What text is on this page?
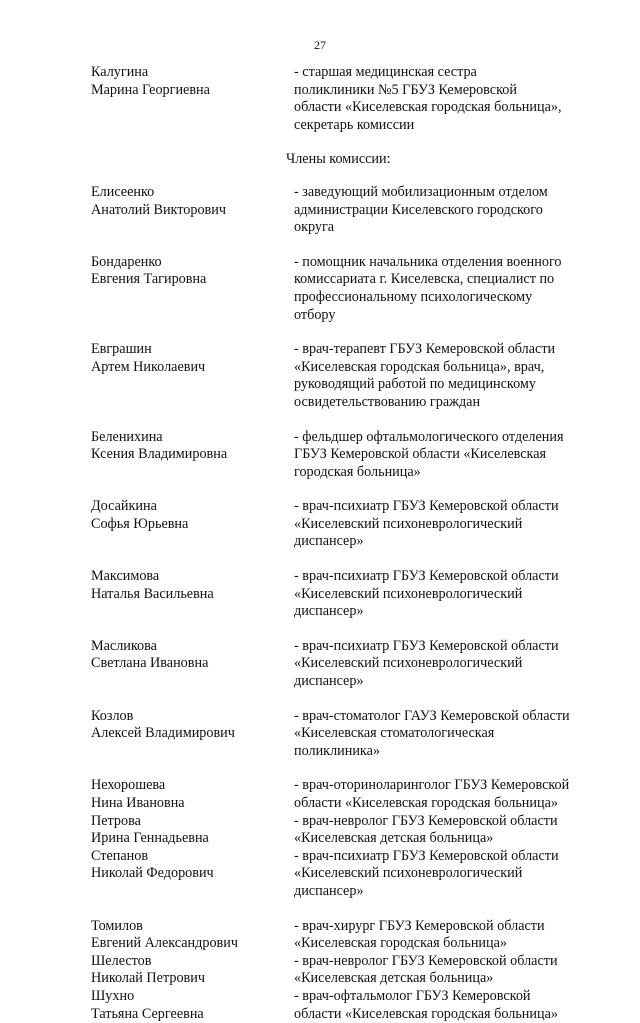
27
Калугина
Марина Георгиевна
- старшая медицинская сестра
поликлиники №5 ГБУЗ Кемеровской
области «Киселевская городская больница»,
секретарь комиссии
Члены комиссии:
Елисеенко
Анатолий Викторович
- заведующий мобилизационным отделом
администрации Киселевского городского
округа
Бондаренко
Евгения Тагировна
- помощник начальника отделения военного
комиссариата г. Киселевска, специалист по
профессиональному психологическому
отбору
Евграшин
Артем Николаевич
- врач-терапевт ГБУЗ Кемеровской области
«Киселевская городская больница», врач,
руководящий работой по медицинскому
освидетельствованию граждан
Беленихина
Ксения Владимировна
- фельдшер офтальмологического отделения
ГБУЗ Кемеровской области «Киселевская
городская больница»
Досайкина
Софья Юрьевна
- врач-психиатр ГБУЗ Кемеровской области
«Киселевский психоневрологический
диспансер»
Максимова
Наталья Васильевна
- врач-психиатр ГБУЗ Кемеровской области
«Киселевский психоневрологический
диспансер»
Масликова
Светлана Ивановна
- врач-психиатр ГБУЗ Кемеровской области
«Киселевский психоневрологический
диспансер»
Козлов
Алексей Владимирович
- врач-стоматолог ГАУЗ Кемеровской области
«Киселевская стоматологическая
поликлиника»
Нехорошева
Нина Ивановна
- врач-оториноларинголог ГБУЗ Кемеровской
области «Киселевская городская больница»
Петрова
Ирина Геннадьевна
- врач-невролог ГБУЗ Кемеровской области
«Киселевская детская больница»
Степанов
Николай Федорович
- врач-психиатр ГБУЗ Кемеровской области
«Киселевский психоневрологический
диспансер»
Томилов
Евгений Александрович
- врач-хирург ГБУЗ Кемеровской области
«Киселевская городская больница»
Шелестов
Николай Петрович
- врач-невролог ГБУЗ Кемеровской области
«Киселевская детская больница»
Шухно
Татьяна Сергеевна
- врач-офтальмолог ГБУЗ Кемеровской
области «Киселевская городская больница»
